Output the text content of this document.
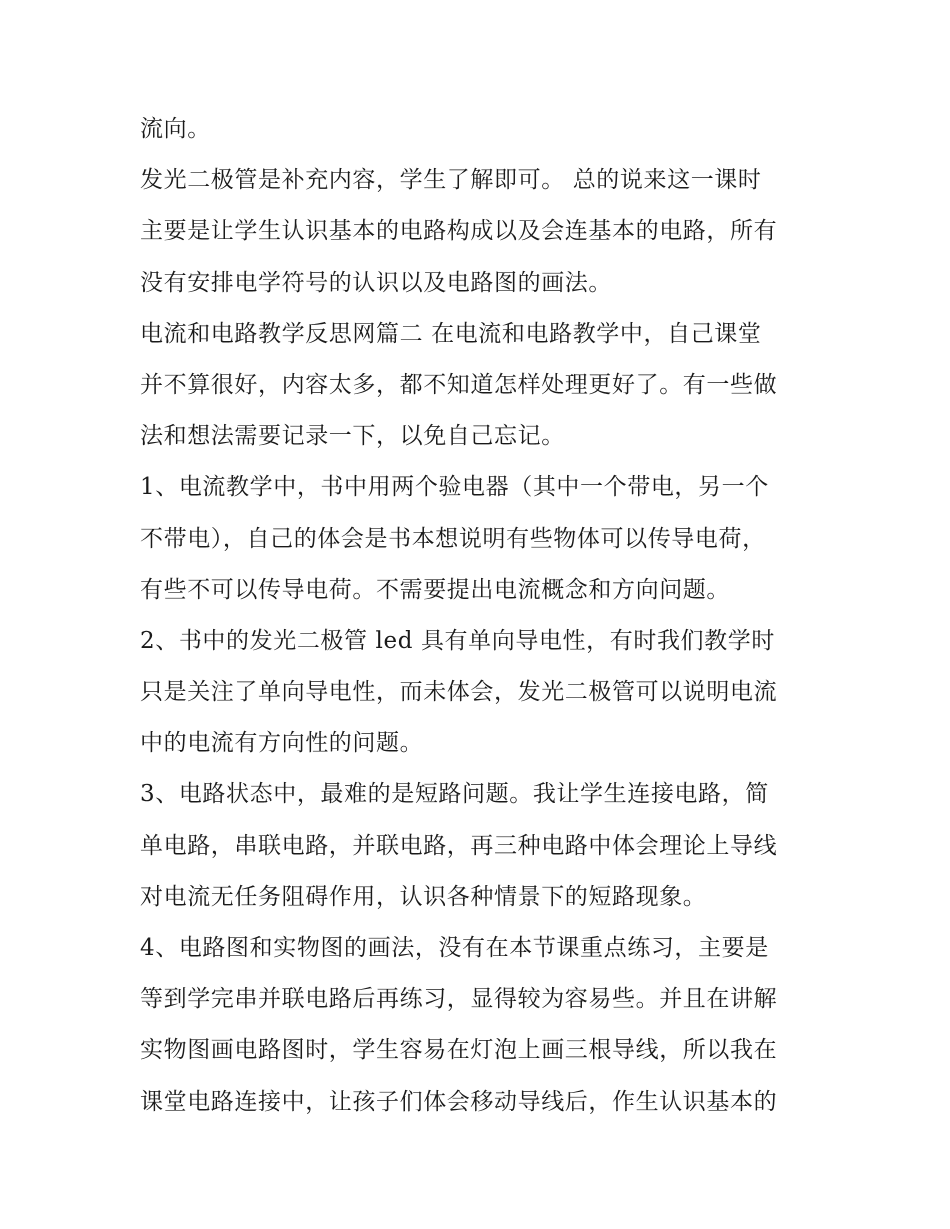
流向。
发光二极管是补充内容，学生了解即可。 总的说来这一课时
主要是让学生认识基本的电路构成以及会连基本的电路，所有
没有安排电学符号的认识以及电路图的画法。
电流和电路教学反思网篇二 在电流和电路教学中，自己课堂
并不算很好，内容太多，都不知道怎样处理更好了。有一些做
法和想法需要记录一下，以免自己忘记。
1、电流教学中，书中用两个验电器（其中一个带电，另一个
不带电），自己的体会是书本想说明有些物体可以传导电荷，
有些不可以传导电荷。不需要提出电流概念和方向问题。
2、书中的发光二极管 led 具有单向导电性，有时我们教学时
只是关注了单向导电性，而未体会，发光二极管可以说明电流
中的电流有方向性的问题。
3、电路状态中，最难的是短路问题。我让学生连接电路，简
单电路，串联电路，并联电路，再三种电路中体会理论上导线
对电流无任务阻碍作用，认识各种情景下的短路现象。
4、电路图和实物图的画法，没有在本节课重点练习，主要是
等到学完串并联电路后再练习，显得较为容易些。并且在讲解
实物图画电路图时，学生容易在灯泡上画三根导线，所以我在
课堂电路连接中，让孩子们体会移动导线后，作生认识基本的
